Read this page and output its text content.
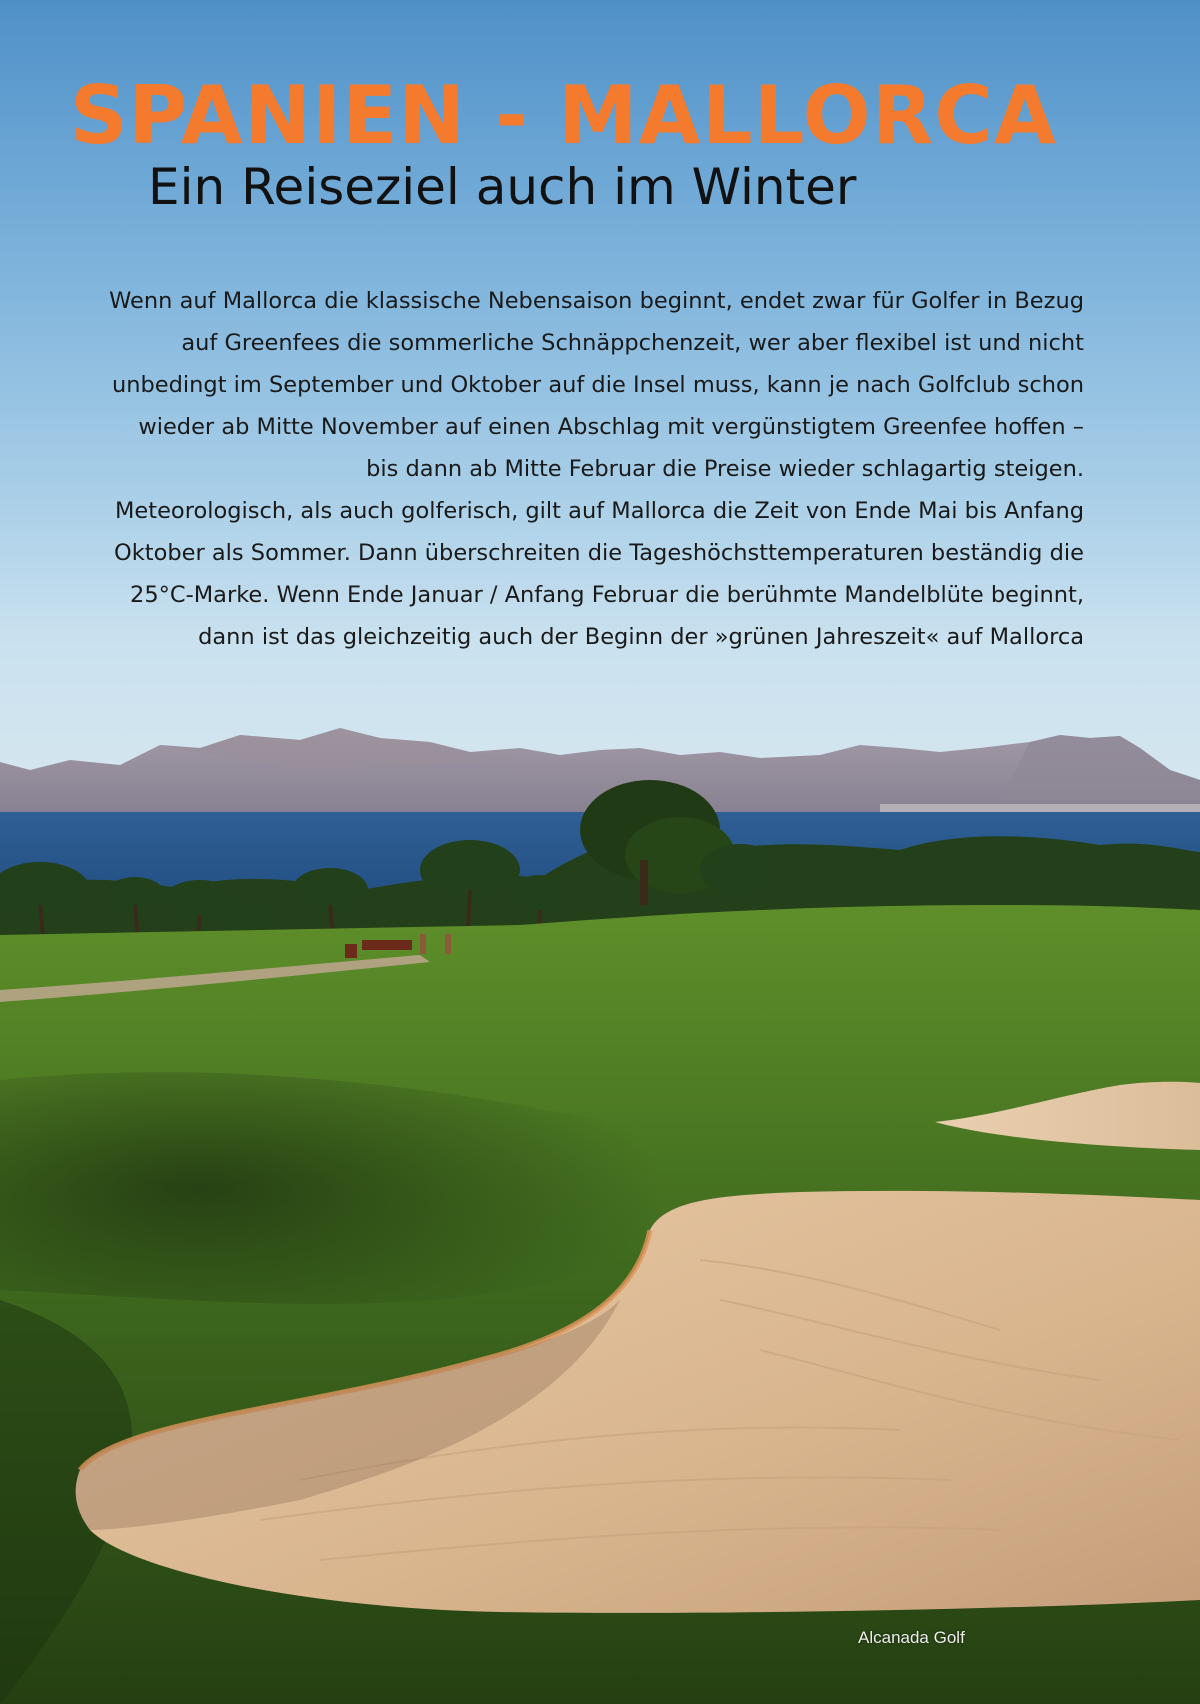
SPANIEN - MALLORCA
Ein Reiseziel auch im Winter
Wenn auf Mallorca die klassische Nebensaison beginnt, endet zwar für Golfer in Bezug
auf Greenfees die sommerliche Schnäppchenzeit, wer aber flexibel ist und nicht
unbedingt im September und Oktober auf die Insel muss, kann je nach Golfclub schon
wieder ab Mitte November auf einen Abschlag mit vergünstigtem Greenfee hoffen –
bis dann ab Mitte Februar die Preise wieder schlagartig steigen.
Meteorologisch, als auch golferisch, gilt auf Mallorca die Zeit von Ende Mai bis Anfang
Oktober als Sommer. Dann überschreiten die Tageshöchsttemperaturen beständig die
25°C-Marke. Wenn Ende Januar / Anfang Februar die berühmte Mandelblüte beginnt,
dann ist das gleichzeitig auch der Beginn der »grünen Jahreszeit« auf Mallorca
Alcanada Golf
